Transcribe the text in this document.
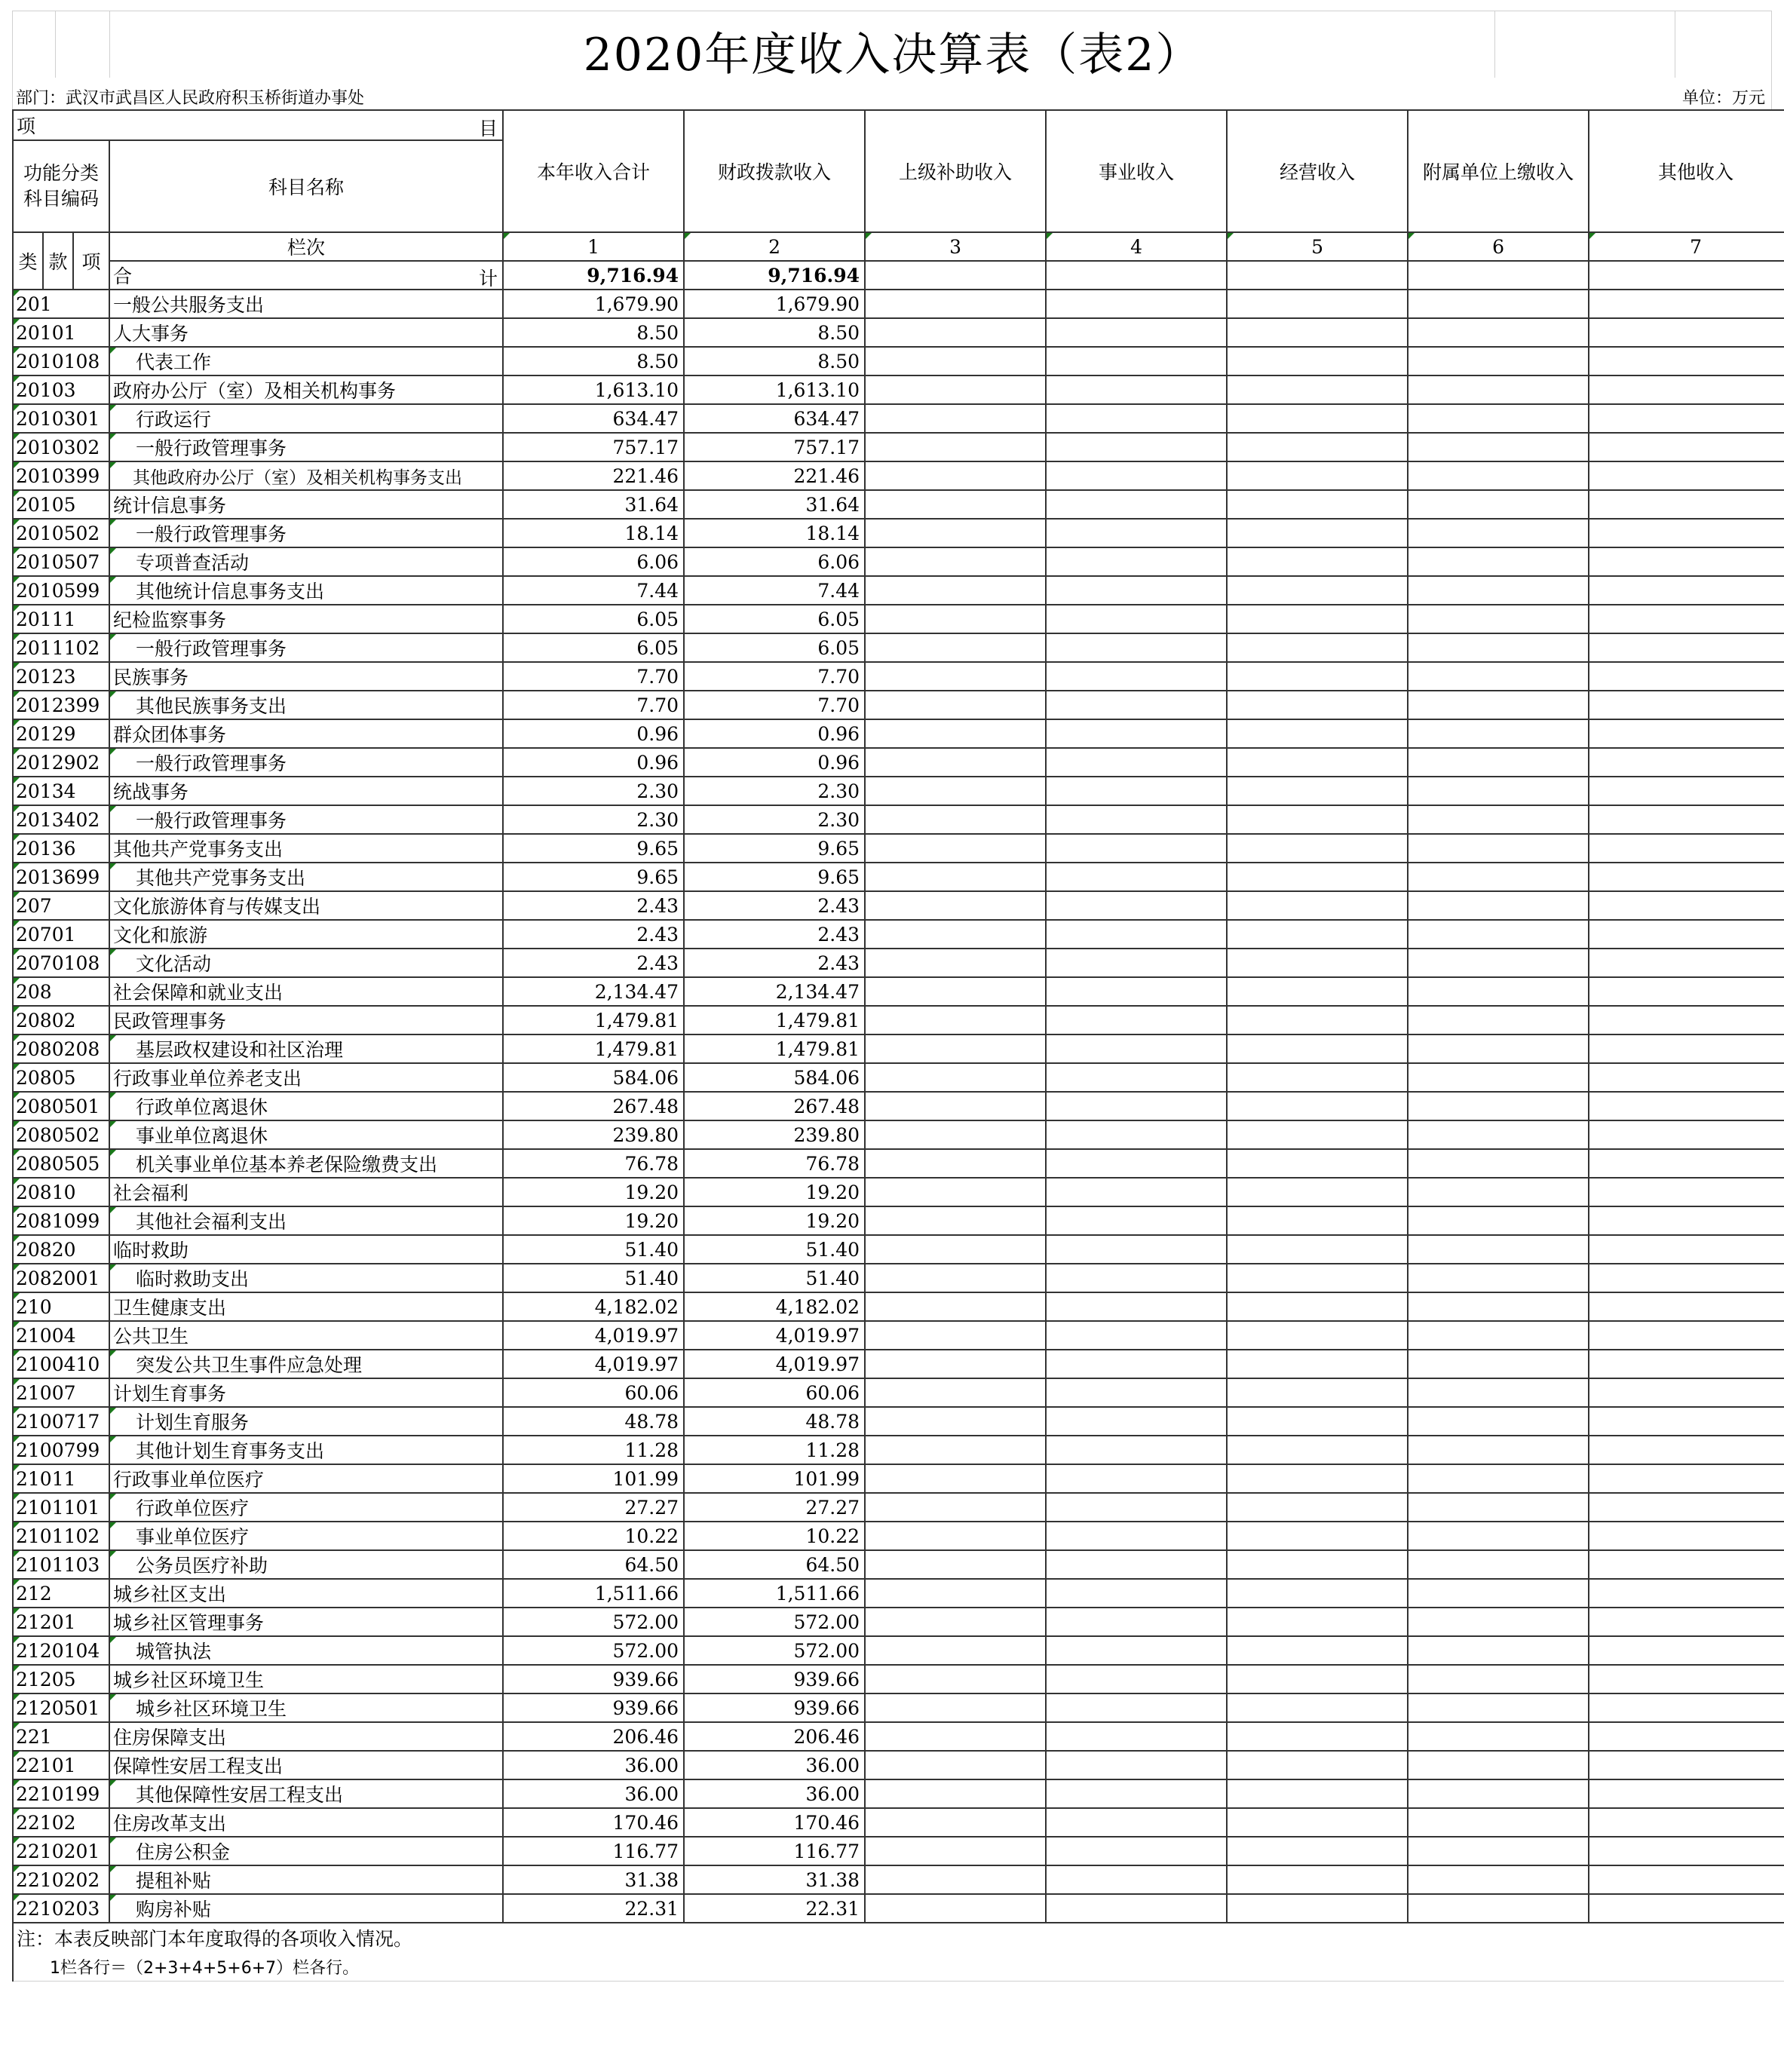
2020年度收入决算表（表2）
部门：武汉市武昌区人民政府积玉桥街道办事处	单位：万元
项 目				本年收入合计	财政拨款收入	上级补助收入	事业收入	经营收入	附属单位上缴收入	其他收入
功能分类
科目编码			科目名称							
类	款	项	栏次	1	2	3	4	5	6	7
			合 计	9,716.94	9,716.94					
201			一般公共服务支出	1,679.90	1,679.90					
20101			人大事务	8.50	8.50					
2010108			代表工作	8.50	8.50					
20103			政府办公厅（室）及相关机构事务	1,613.10	1,613.10					
2010301			行政运行	634.47	634.47					
2010302			一般行政管理事务	757.17	757.17					
2010399			其他政府办公厅（室）及相关机构事务支出	221.46	221.46					
20105			统计信息事务	31.64	31.64					
2010502			一般行政管理事务	18.14	18.14					
2010507			专项普查活动	6.06	6.06					
2010599			其他统计信息事务支出	7.44	7.44					
20111			纪检监察事务	6.05	6.05					
2011102			一般行政管理事务	6.05	6.05					
20123			民族事务	7.70	7.70					
2012399			其他民族事务支出	7.70	7.70					
20129			群众团体事务	0.96	0.96					
2012902			一般行政管理事务	0.96	0.96					
20134			统战事务	2.30	2.30					
2013402			一般行政管理事务	2.30	2.30					
20136			其他共产党事务支出	9.65	9.65					
2013699			其他共产党事务支出	9.65	9.65					
207			文化旅游体育与传媒支出	2.43	2.43					
20701			文化和旅游	2.43	2.43					
2070108			文化活动	2.43	2.43					
208			社会保障和就业支出	2,134.47	2,134.47					
20802			民政管理事务	1,479.81	1,479.81					
2080208			基层政权建设和社区治理	1,479.81	1,479.81					
20805			行政事业单位养老支出	584.06	584.06					
2080501			行政单位离退休	267.48	267.48					
2080502			事业单位离退休	239.80	239.80					
2080505			机关事业单位基本养老保险缴费支出	76.78	76.78					
20810			社会福利	19.20	19.20					
2081099			其他社会福利支出	19.20	19.20					
20820			临时救助	51.40	51.40					
2082001			临时救助支出	51.40	51.40					
210			卫生健康支出	4,182.02	4,182.02					
21004			公共卫生	4,019.97	4,019.97					
2100410			突发公共卫生事件应急处理	4,019.97	4,019.97					
21007			计划生育事务	60.06	60.06					
2100717			计划生育服务	48.78	48.78					
2100799			其他计划生育事务支出	11.28	11.28					
21011			行政事业单位医疗	101.99	101.99					
2101101			行政单位医疗	27.27	27.27					
2101102			事业单位医疗	10.22	10.22					
2101103			公务员医疗补助	64.50	64.50					
212			城乡社区支出	1,511.66	1,511.66					
21201			城乡社区管理事务	572.00	572.00					
2120104			城管执法	572.00	572.00					
21205			城乡社区环境卫生	939.66	939.66					
2120501			城乡社区环境卫生	939.66	939.66					
221			住房保障支出	206.46	206.46					
22101			保障性安居工程支出	36.00	36.00					
2210199			其他保障性安居工程支出	36.00	36.00					
22102			住房改革支出	170.46	170.46					
2210201			住房公积金	116.77	116.77					
2210202			提租补贴	31.38	31.38					
2210203			购房补贴	22.31	22.31					
注：本表反映部门本年度取得的各项收入情况。										
1栏各行＝（2+3+4+5+6+7）栏各行。										
